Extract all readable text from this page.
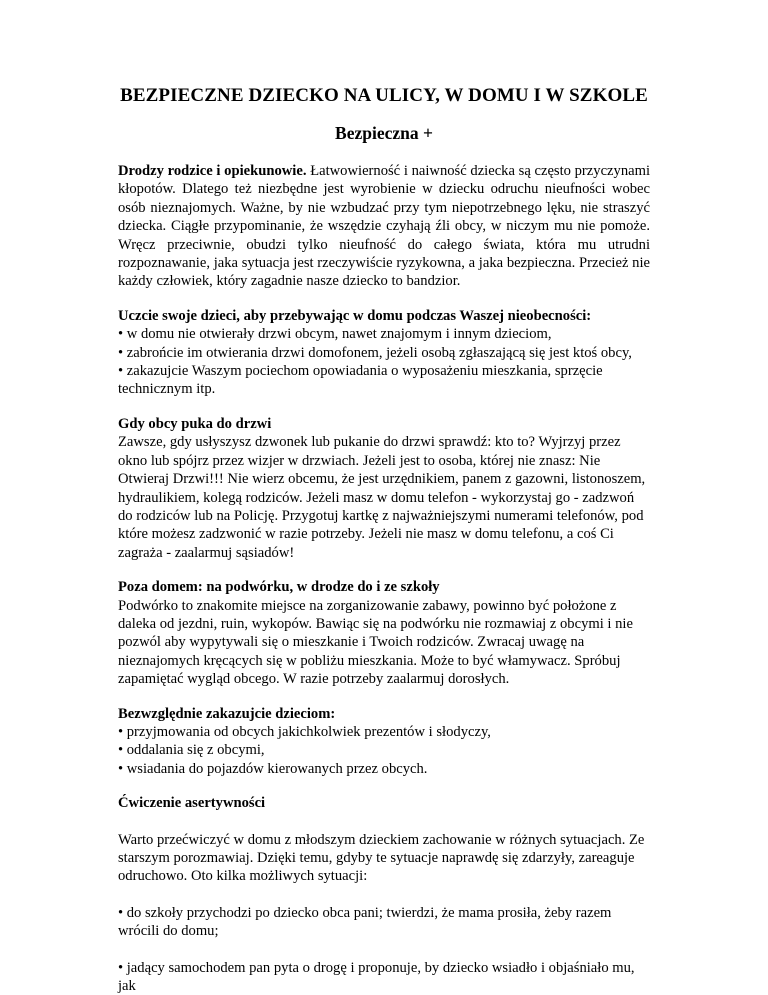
BEZPIECZNE DZIECKO NA ULICY, W DOMU I W SZKOLE
Bezpieczna +

Drodzy rodzice i opiekunowie. Łatwowierność i naiwność dziecka są często przyczynami kłopotów. Dlatego też niezbędne jest wyrobienie w dziecku odruchu nieufności wobec osób nieznajomych. Ważne, by nie wzbudzać przy tym niepotrzebnego lęku, nie straszyć dziecka. Ciągłe przypominanie, że wszędzie czyhają źli obcy, w niczym mu nie pomoże. Wręcz przeciwnie, obudzi tylko nieufność do całego świata, która mu utrudni rozpoznawanie, jaka sytuacja jest rzeczywiście ryzykowna, a jaka bezpieczna. Przecież nie każdy człowiek, który zagadnie nasze dziecko to bandzior.

Uczcie swoje dzieci, aby przebywając w domu podczas Waszej nieobecności:

• w domu nie otwierały drzwi obcym, nawet znajomym i innym dzieciom,
• zabrońcie im otwierania drzwi domofonem, jeżeli osobą zgłaszającą się jest ktoś obcy,
• zakazujcie Waszym pociechom opowiadania o wyposażeniu mieszkania, sprzęcie technicznym itp.

Gdy obcy puka do drzwi

Zawsze, gdy usłyszysz dzwonek lub pukanie do drzwi sprawdź: kto to? Wyjrzyj przez okno lub spójrz przez wizjer w drzwiach. Jeżeli jest to osoba, której nie znasz: Nie Otwieraj Drzwi!!! Nie wierz obcemu, że jest urzędnikiem, panem z gazowni, listonoszem, hydraulikiem, kolegą rodziców. Jeżeli masz w domu telefon - wykorzystaj go - zadzwoń do rodziców lub na Policję. Przygotuj kartkę z najważniejszymi numerami telefonów, pod które możesz zadzwonić w razie potrzeby. Jeżeli nie masz w domu telefonu, a coś Ci zagraża - zaalarmuj sąsiadów!

Poza domem: na podwórku, w drodze do i ze szkoły

Podwórko to znakomite miejsce na zorganizowanie zabawy, powinno być położone z daleka od jezdni, ruin, wykopów. Bawiąc się na podwórku nie rozmawiaj z obcymi i nie pozwól aby wypytywali się o mieszkanie i Twoich rodziców. Zwracaj uwagę na nieznajomych kręcących się w pobliżu mieszkania. Może to być włamywacz. Spróbuj zapamiętać wygląd obcego. W razie potrzeby zaalarmuj dorosłych.

Bezwzględnie zakazujcie dzieciom:

• przyjmowania od obcych jakichkolwiek prezentów i słodyczy,
• oddalania się z obcymi,
• wsiadania do pojazdów kierowanych przez obcych.

Ćwiczenie asertywności

Warto przećwiczyć w domu z młodszym dzieckiem zachowanie w różnych sytuacjach. Ze starszym porozmawiaj. Dzięki temu, gdyby te sytuacje naprawdę się zdarzyły, zareaguje odruchowo. Oto kilka możliwych sytuacji:

• do szkoły przychodzi po dziecko obca pani; twierdzi, że mama prosiła, żeby razem wrócili do domu;

• jadący samochodem pan pyta o drogę i proponuje, by dziecko wsiadło i objaśniało mu, jak
